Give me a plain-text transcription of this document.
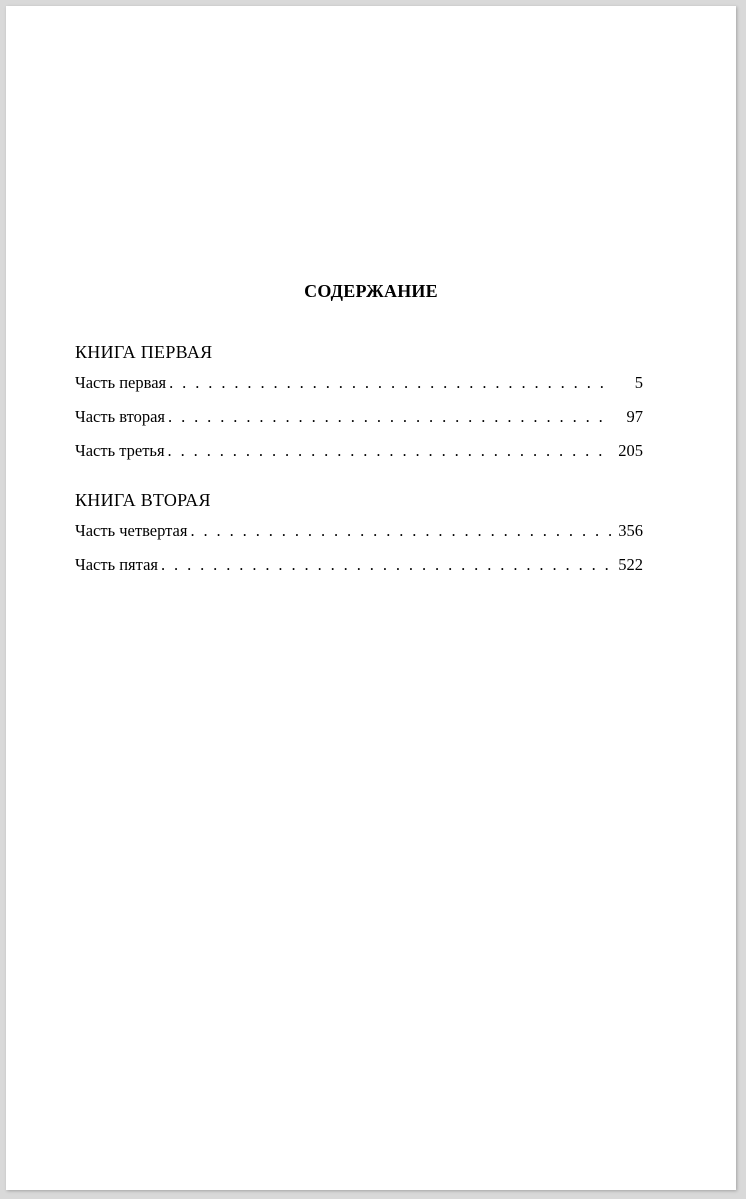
СОДЕРЖАНИЕ
КНИГА ПЕРВАЯ
Часть первая . . .	5
Часть вторая . . .	97
Часть третья . . .	205
КНИГА ВТОРАЯ
Часть четвертая . . .	356
Часть пятая . . .	522
